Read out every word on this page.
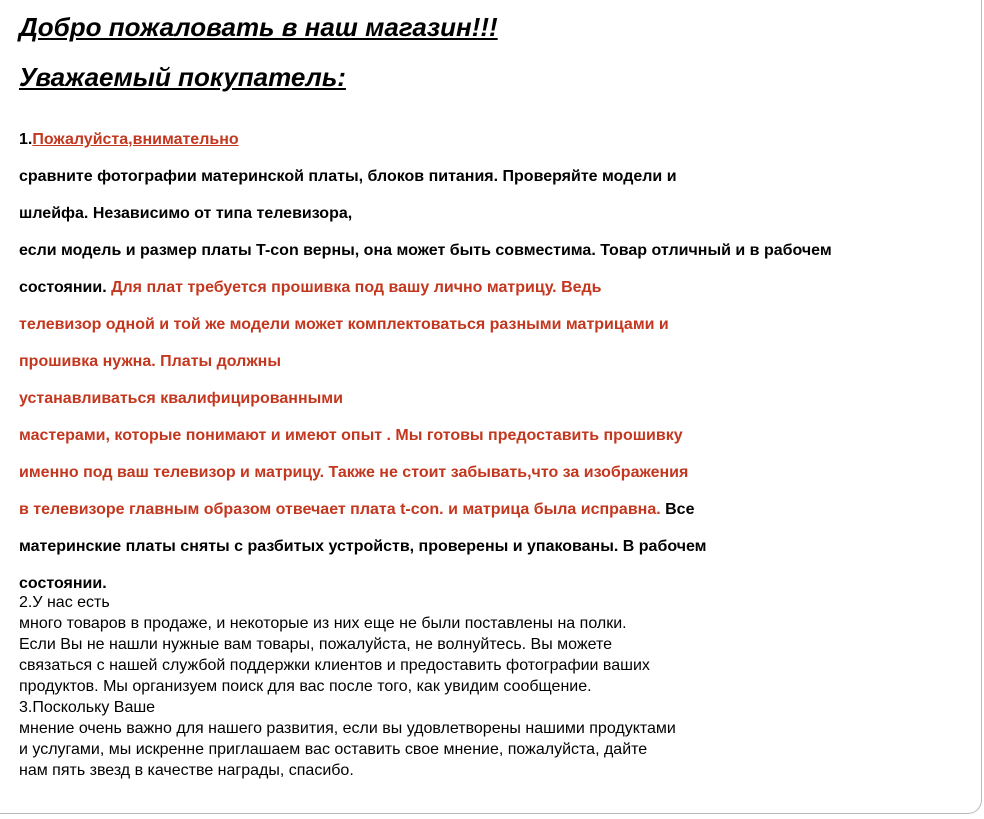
Добро пожаловать в наш магазин!!!
Уважаемый покупатель:
1.Пожалуйста,внимательно
сравните фотографии материнской платы, блоков питания. Проверяйте модели и
шлейфа. Независимо от типа телевизора,
если модель и размер платы T-con верны, она может быть совместима. Товар отличный и в рабочем
состоянии. Для плат требуется прошивка под вашу лично матрицу. Ведь
телевизор одной и той же модели может комплектоваться разными матрицами и
прошивка нужна. Платы должны
устанавливаться квалифицированными
мастерами, которые понимают и имеют опыт . Мы готовы предоставить прошивку
именно под ваш телевизор и матрицу. Также не стоит забывать,что за изображения
в телевизоре главным образом отвечает плата t-con. и матрица была исправна. Все
материнские платы сняты с разбитых устройств, проверены и упакованы. В рабочем
состоянии.
2.У нас есть
много товаров в продаже, и некоторые из них еще не были поставлены на полки.
Если Вы не нашли нужные вам товары, пожалуйста, не волнуйтесь. Вы можете
связаться с нашей службой поддержки клиентов и предоставить фотографии ваших
продуктов. Мы организуем поиск для вас после того, как увидим сообщение.
3.Поскольку Ваше
мнение очень важно для нашего развития, если вы удовлетворены нашими продуктами
и услугами, мы искренне приглашаем вас оставить свое мнение, пожалуйста, дайте
нам пять звезд в качестве награды, спасибо.
